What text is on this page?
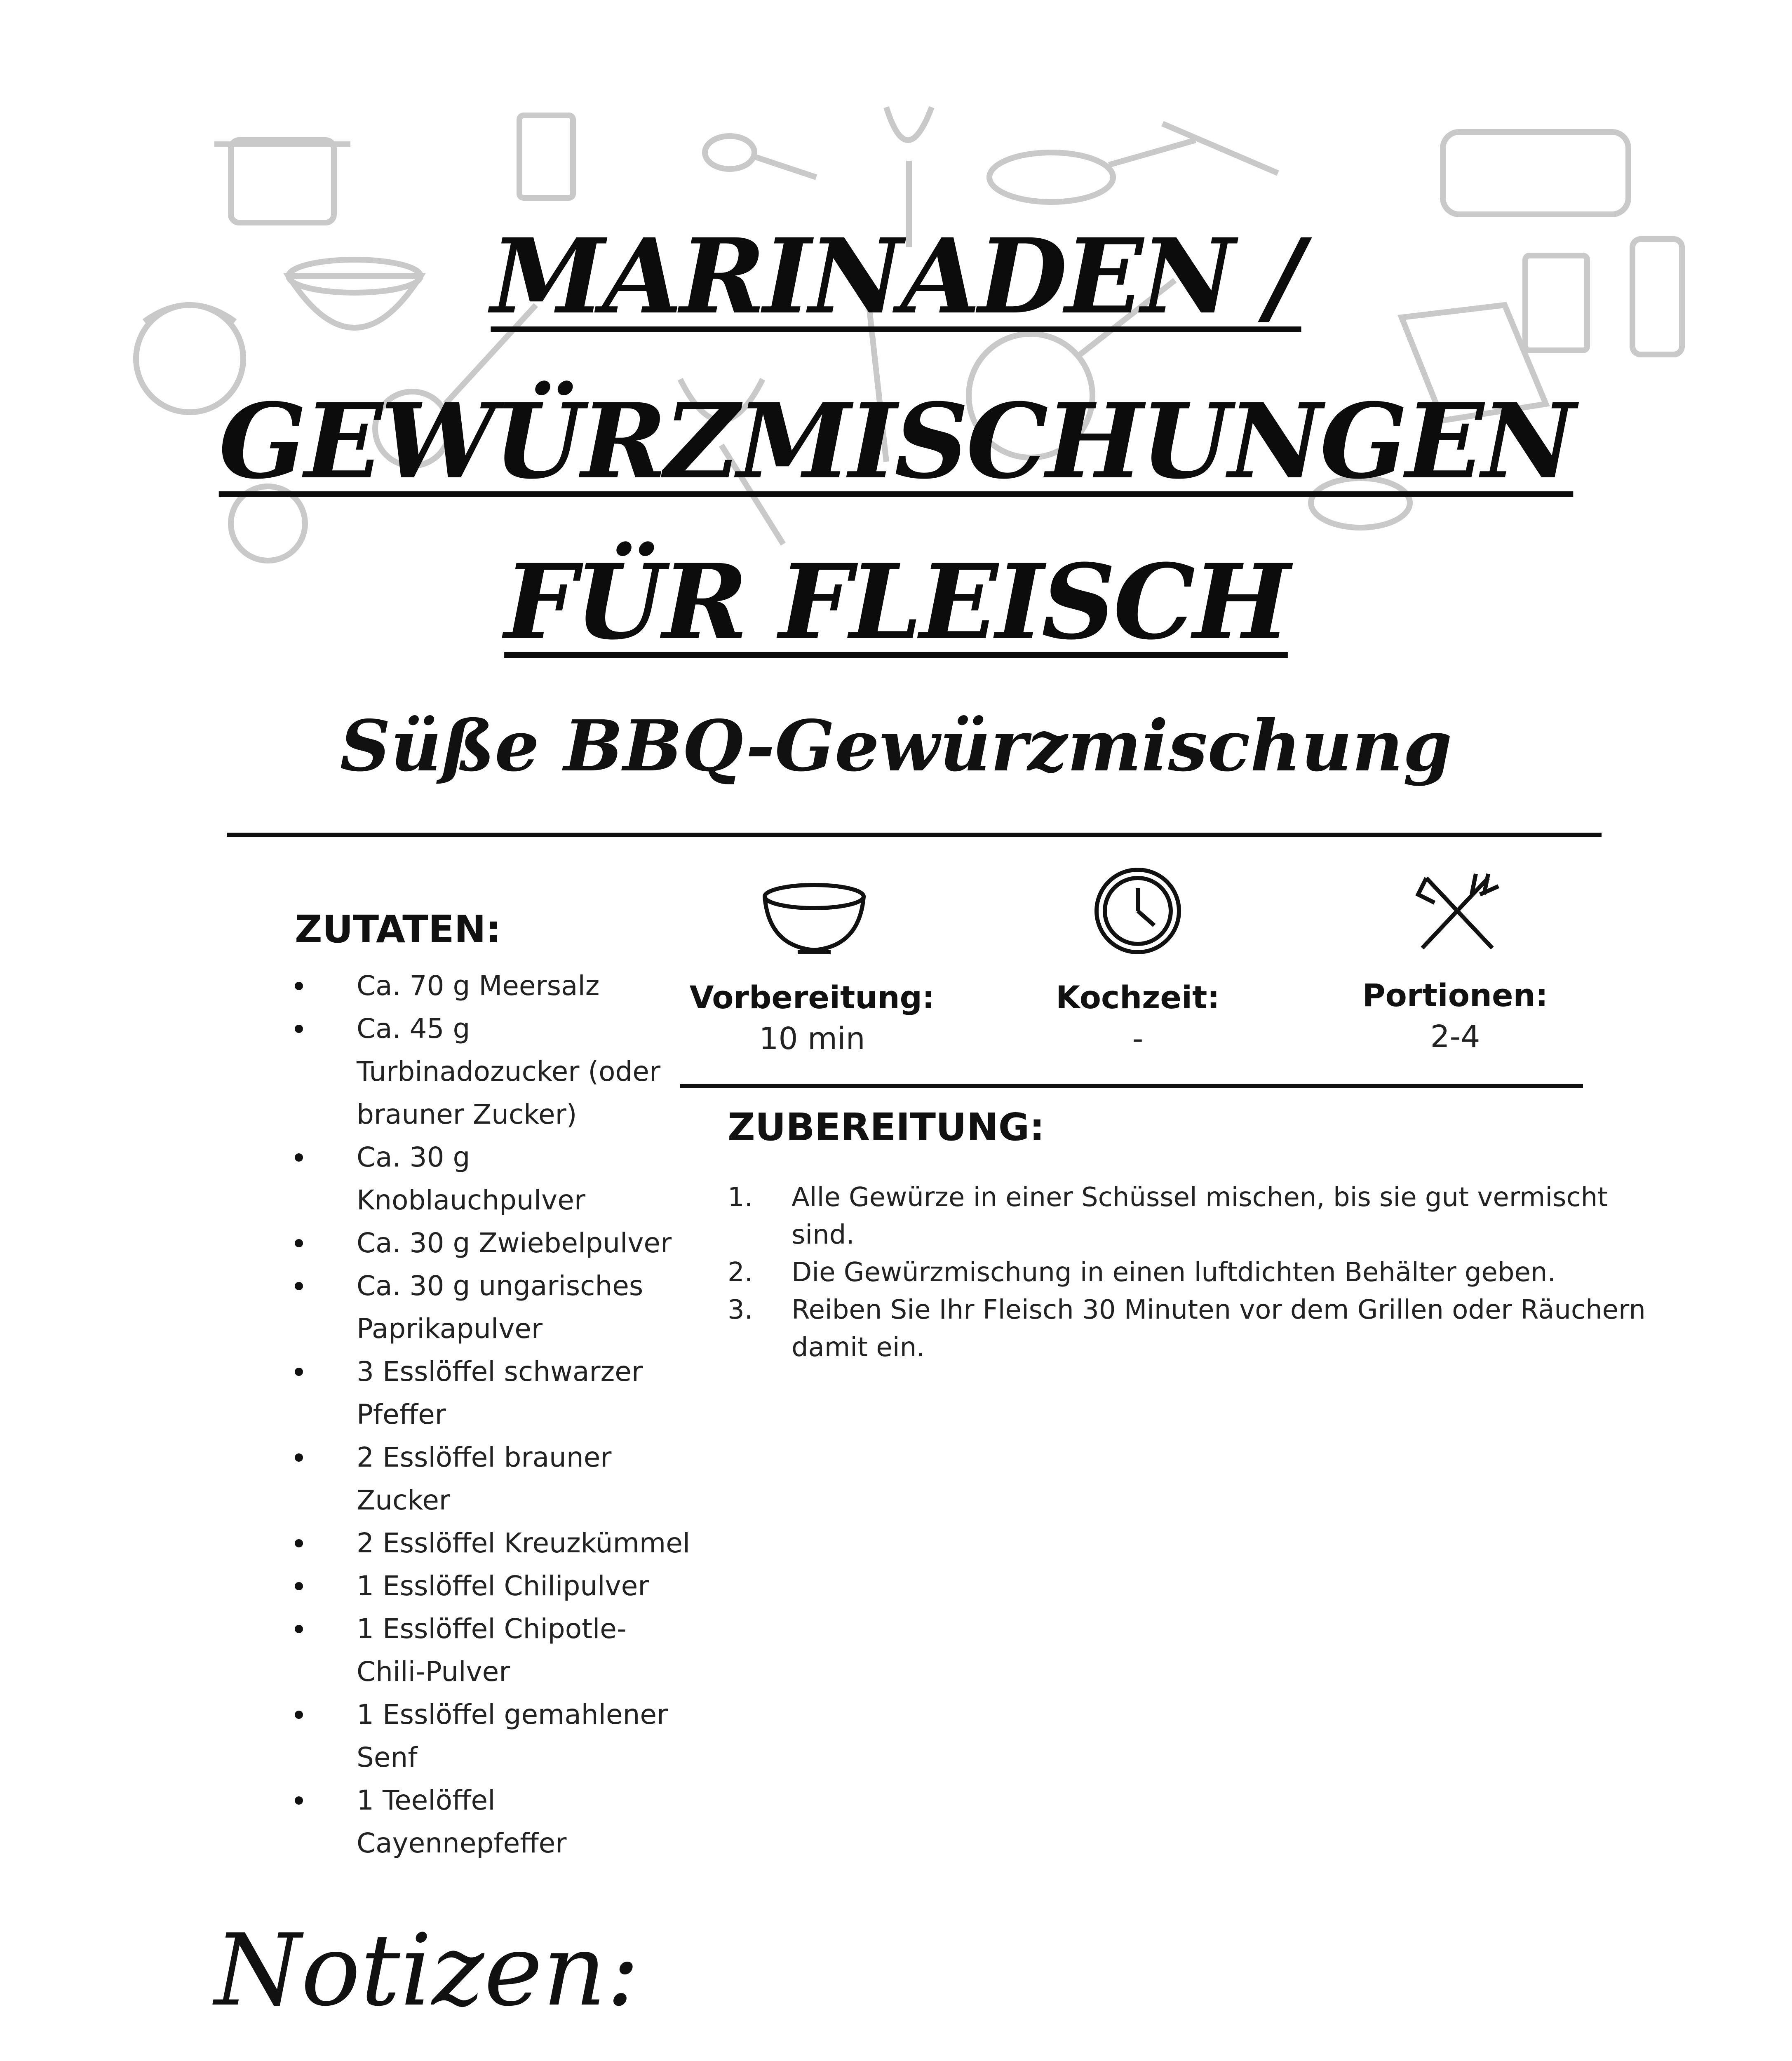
MARINADEN /
GEWÜRZMISCHUNGEN
FÜR FLEISCH
Süße BBQ-Gewürzmischung
ZUTATEN:
Ca. 70 g Meersalz
Ca. 45 g Turbinadozucker (oder brauner Zucker)
Ca. 30 g Knoblauchpulver
Ca. 30 g Zwiebelpulver
Ca. 30 g ungarisches Paprikapulver
3 Esslöffel schwarzer Pfeffer
2 Esslöffel brauner Zucker
2 Esslöffel Kreuzkümmel
1 Esslöffel Chilipulver
1 Esslöffel Chipotle-Chili-Pulver
1 Esslöffel gemahlener Senf
1 Teelöffel Cayennepfeffer
Vorbereitung:
10 min
Kochzeit:
-
Portionen:
2-4
ZUBEREITUNG:
1. Alle Gewürze in einer Schüssel mischen, bis sie gut vermischt sind.
2. Die Gewürzmischung in einen luftdichten Behälter geben.
3. Reiben Sie Ihr Fleisch 30 Minuten vor dem Grillen oder Räuchern damit ein.
Notizen:
